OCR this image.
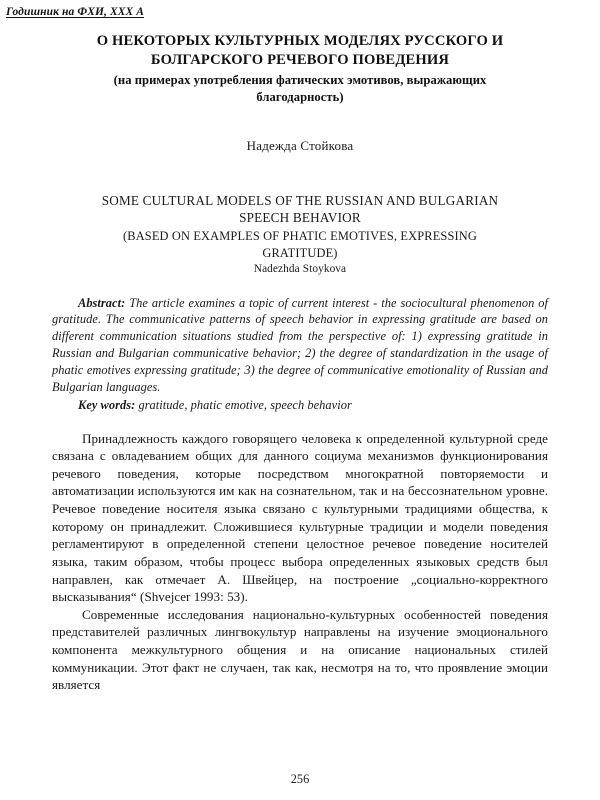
Годишник на ФХИ, XXX А
О НЕКОТОРЫХ КУЛЬТУРНЫХ МОДЕЛЯХ РУССКОГО И
БОЛГАРСКОГО РЕЧЕВОГО ПОВЕДЕНИЯ
(на примерах употребления фатических эмотивов, выражающих
благодарность)
Надежда Стойкова
SOME CULTURAL MODELS OF THE RUSSIAN AND BULGARIAN
SPEECH BEHAVIOR
(BASED ON EXAMPLES OF PHATIC EMOTIVES, EXPRESSING
GRATITUDE)
Nadezhda Stoykova
Abstract: The article examines a topic of current interest - the sociocultural phenomenon of gratitude. The communicative patterns of speech behavior in expressing gratitude are based on different communication situations studied from the perspective of: 1) expressing gratitude in Russian and Bulgarian communicative behavior; 2) the degree of standardization in the usage of phatic emotives expressing gratitude; 3) the degree of communicative emotionality of Russian and Bulgarian languages.
Key words: gratitude, phatic emotive, speech behavior

Принадлежность каждого говорящего человека к определенной культурной среде связана с овладеванием общих для данного социума механизмов функционирования речевого поведения, которые посредством многократной повторяемости и автоматизации используются им как на сознательном, так и на бессознательном уровне. Речевое поведение носителя языка связано с культурными традициями общества, к которому он принадлежит. Сложившиеся культурные традиции и модели поведения регламентируют в определенной степени целостное речевое поведение носителей языка, таким образом, чтобы процесс выбора определенных языковых средств был направлен, как отмечает А. Швейцер, на построение „социально-корректного высказывания“ (Shvejcer 1993: 53).

Современные исследования национально-культурных особенностей поведения представителей различных лингвокультур направлены на изучение эмоционального компонента межкультурного общения и на описание национальных стилей коммуникации. Этот факт не случаен, так как, несмотря на то, что проявление эмоции является

256
